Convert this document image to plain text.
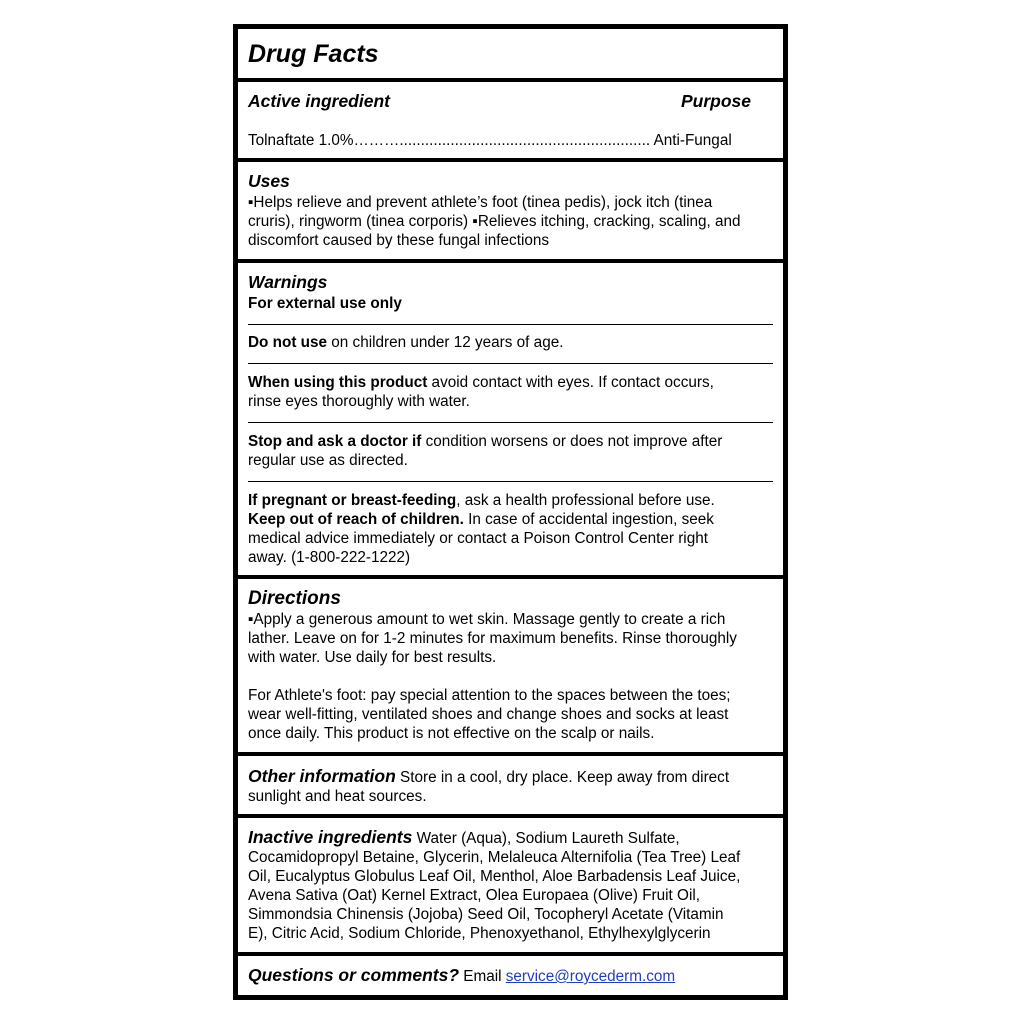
Drug Facts
Active ingredient	Purpose
Tolnaftate 1.0%………........................................................... Anti-Fungal
Uses
▪Helps relieve and prevent athlete’s foot (tinea pedis), jock itch (tinea
cruris), ringworm (tinea corporis) ▪Relieves itching, cracking, scaling, and
discomfort caused by these fungal infections
Warnings
For external use only
Do not use on children under 12 years of age.
When using this product avoid contact with eyes. If contact occurs,
rinse eyes thoroughly with water.
Stop and ask a doctor if condition worsens or does not improve after
regular use as directed.
If pregnant or breast-feeding, ask a health professional before use.
Keep out of reach of children. In case of accidental ingestion, seek
medical advice immediately or contact a Poison Control Center right
away. (1-800-222-1222)
Directions
▪Apply a generous amount to wet skin. Massage gently to create a rich
lather. Leave on for 1-2 minutes for maximum benefits. Rinse thoroughly
with water. Use daily for best results.
For Athlete's foot: pay special attention to the spaces between the toes;
wear well-fitting, ventilated shoes and change shoes and socks at least
once daily. This product is not effective on the scalp or nails.
Other information Store in a cool, dry place. Keep away from direct
sunlight and heat sources.
Inactive ingredients Water (Aqua), Sodium Laureth Sulfate,
Cocamidopropyl Betaine, Glycerin, Melaleuca Alternifolia (Tea Tree) Leaf
Oil, Eucalyptus Globulus Leaf Oil, Menthol, Aloe Barbadensis Leaf Juice,
Avena Sativa (Oat) Kernel Extract, Olea Europaea (Olive) Fruit Oil,
Simmondsia Chinensis (Jojoba) Seed Oil, Tocopheryl Acetate (Vitamin
E), Citric Acid, Sodium Chloride, Phenoxyethanol, Ethylhexylglycerin
Questions or comments? Email service@roycederm.com
